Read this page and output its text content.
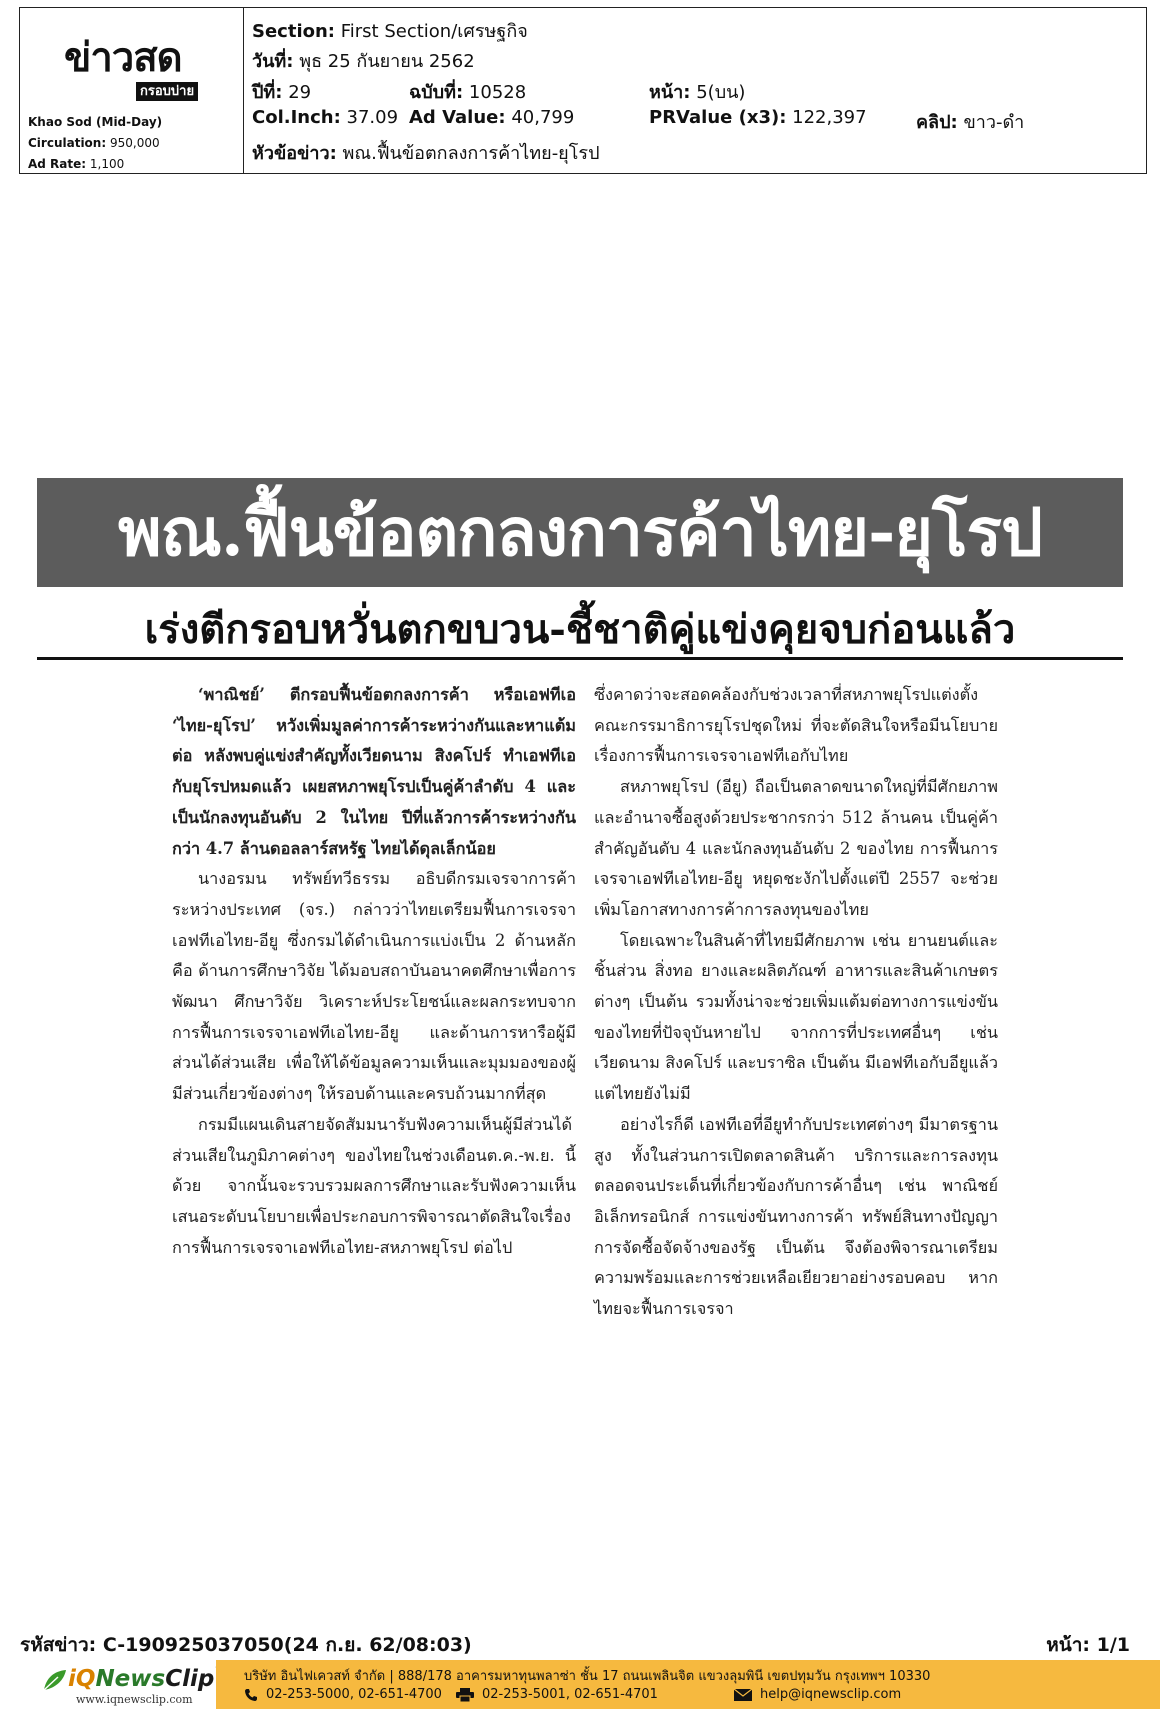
ข่าวสด
กรอบบ่าย
Khao Sod (Mid-Day)
Circulation: 950,000
Ad Rate: 1,100
Section: First Section/เศรษฐกิจ
วันที่: พุธ 25 กันยายน 2562
ปีที่: 29	ฉบับที่: 10528	หน้า: 5(บน)
Col.Inch: 37.09 Ad Value: 40,799	PRValue (x3): 122,397	คลิป: ขาว-ดำ
หัวข้อข่าว: พณ.ฟื้นข้อตกลงการค้าไทย-ยุโรป
พณ.ฟื้นข้อตกลงการค้าไทย-ยุโรป
เร่งตีกรอบหวั่นตกขบวน-ชี้ชาติคู่แข่งคุยจบก่อนแล้ว

‘พาณิชย์’ ตีกรอบฟื้นข้อตกลงการค้า หรือเอฟทีเอ ‘ไทย-ยุโรป’ หวังเพิ่มมูลค่าการค้าระหว่างกันและหาแต้มต่อ หลังพบคู่แข่งสำคัญทั้งเวียดนาม สิงคโปร์ ทำเอฟทีเอกับยุโรปหมดแล้ว เผยสหภาพยุโรปเป็นคู่ค้าลำดับ 4 และเป็นนักลงทุนอันดับ 2 ในไทย ปีที่แล้วการค้าระหว่างกันกว่า 4.7 ล้านดอลลาร์สหรัฐ ไทยได้ดุลเล็กน้อย

นางอรมน ทรัพย์ทวีธรรม อธิบดีกรมเจรจาการค้าระหว่างประเทศ (จร.) กล่าวว่าไทยเตรียมฟื้นการเจรจาเอฟทีเอไทย-อียู ซึ่งกรมได้ดำเนินการแบ่งเป็น 2 ด้านหลัก คือ ด้านการศึกษาวิจัย ได้มอบสถาบันอนาคตศึกษาเพื่อการพัฒนา ศึกษาวิจัย วิเคราะห์ประโยชน์และผลกระทบจากการฟื้นการเจรจาเอฟทีเอไทย-อียู และด้านการหารือผู้มีส่วนได้ส่วนเสีย เพื่อให้ได้ข้อมูลความเห็นและมุมมองของผู้มีส่วนเกี่ยวข้องต่างๆ ให้รอบด้านและครบถ้วนมากที่สุด

กรมมีแผนเดินสายจัดสัมมนารับฟังความเห็นผู้มีส่วนได้ส่วนเสียในภูมิภาคต่างๆ ของไทยในช่วงเดือนต.ค.-พ.ย. นี้ด้วย จากนั้นจะรวบรวมผลการศึกษาและรับฟังความเห็นเสนอระดับนโยบายเพื่อประกอบการพิจารณาตัดสินใจเรื่องการฟื้นการเจรจาเอฟทีเอไทย-สหภาพยุโรป ต่อไป

ซึ่งคาดว่าจะสอดคล้องกับช่วงเวลาที่สหภาพยุโรปแต่งตั้งคณะกรรมาธิการยุโรปชุดใหม่ ที่จะตัดสินใจหรือมีนโยบายเรื่องการฟื้นการเจรจาเอฟทีเอกับไทย

สหภาพยุโรป (อียู) ถือเป็นตลาดขนาดใหญ่ที่มีศักยภาพและอำนาจซื้อสูงด้วยประชากรกว่า 512 ล้านคน เป็นคู่ค้าสำคัญอันดับ 4 และนักลงทุนอันดับ 2 ของไทย การฟื้นการเจรจาเอฟทีเอไทย-อียู หยุดชะงักไปตั้งแต่ปี 2557 จะช่วยเพิ่มโอกาสทางการค้าการลงทุนของไทย

โดยเฉพาะในสินค้าที่ไทยมีศักยภาพ เช่น ยานยนต์และชิ้นส่วน สิ่งทอ ยางและผลิตภัณฑ์ อาหารและสินค้าเกษตรต่างๆ เป็นต้น รวมทั้งน่าจะช่วยเพิ่มแต้มต่อทางการแข่งขันของไทยที่ปัจจุบันหายไป จากการที่ประเทศอื่นๆ เช่น เวียดนาม สิงคโปร์ และบราซิล เป็นต้น มีเอฟทีเอกับอียูแล้วแต่ไทยยังไม่มี

อย่างไรก็ดี เอฟทีเอที่อียูทำกับประเทศต่างๆ มีมาตรฐานสูง ทั้งในส่วนการเปิดตลาดสินค้า บริการและการลงทุน ตลอดจนประเด็นที่เกี่ยวข้องกับการค้าอื่นๆ เช่น พาณิชย์อิเล็กทรอนิกส์ การแข่งขันทางการค้า ทรัพย์สินทางปัญญา การจัดซื้อจัดจ้างของรัฐ เป็นต้น จึงต้องพิจารณาเตรียมความพร้อมและการช่วยเหลือเยียวยาอย่างรอบคอบ หากไทยจะฟื้นการเจรจา

รหัสข่าว: C-190925037050(24 ก.ย. 62/08:03)	หน้า: 1/1
iQNewsClip
www.iqnewsclip.com
บริษัท อินไฟเควสท์ จำกัด | 888/178 อาคารมหาทุนพลาซ่า ชั้น 17 ถนนเพลินจิต แขวงลุมพินี เขตปทุมวัน กรุงเทพฯ 10330
02-253-5000, 02-651-4700	02-253-5001, 02-651-4701	help@iqnewsclip.com
